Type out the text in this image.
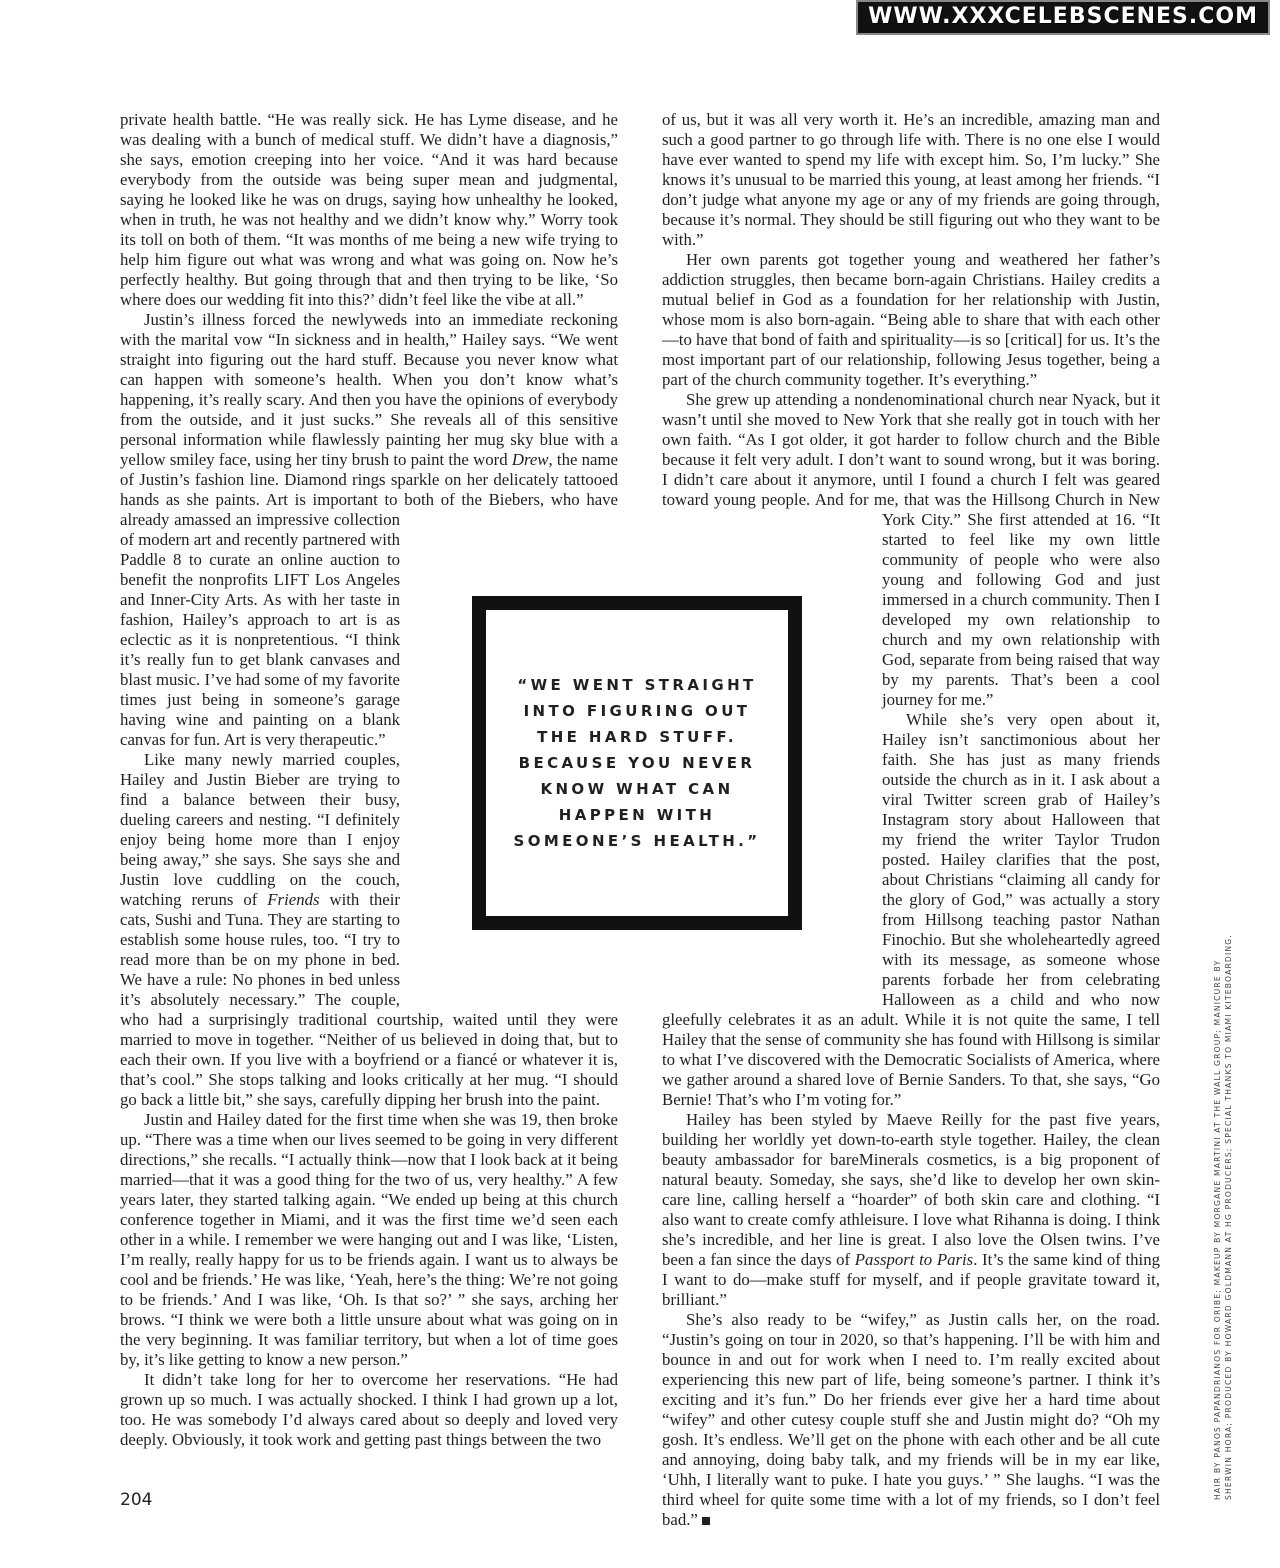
WWW.XXXCELEBSCENES.COM

private health battle. “He was really sick. He has Lyme disease, and he was dealing with a bunch of medical stuff. We didn’t have a diagnosis,” she says, emotion creeping into her voice. “And it was hard because everybody from the outside was being super mean and judgmental, saying he looked like he was on drugs, saying how unhealthy he looked, when in truth, he was not healthy and we didn’t know why.” Worry took its toll on both of them. “It was months of me being a new wife trying to help him figure out what was wrong and what was going on. Now he’s perfectly healthy. But going through that and then trying to be like, ‘So where does our wedding fit into this?’ didn’t feel like the vibe at all.”

Justin’s illness forced the newlyweds into an immediate reckoning with the marital vow “In sickness and in health,” Hailey says. “We went straight into figuring out the hard stuff. Because you never know what can happen with someone’s health. When you don’t know what’s happening, it’s really scary. And then you have the opinions of everybody from the outside, and it just sucks.” She reveals all of this sensitive personal information while flawlessly painting her mug sky blue with a yellow smiley face, using her tiny brush to paint the word Drew, the name of Justin’s fashion line. Diamond rings sparkle on her delicately tattooed hands as she paints. Art is important to both of the Biebers, who have already amassed an impressive collection of modern art and recently partnered with Paddle 8 to curate an online auction to benefit the nonprofits LIFT Los Angeles and Inner-City Arts. As with her taste in fashion, Hailey’s approach to art is as eclectic as it is nonpretentious. “I think it’s really fun to get blank canvases and blast music. I’ve had some of my favorite times just being in someone’s garage having wine and painting on a blank canvas for fun. Art is very therapeutic.”

Like many newly married couples, Hailey and Justin Bieber are trying to find a balance between their busy, dueling careers and nesting. “I definitely enjoy being home more than I enjoy being away,” she says. She says she and Justin love cuddling on the couch, watching reruns of Friends with their cats, Sushi and Tuna. They are starting to establish some house rules, too. “I try to read more than be on my phone in bed. We have a rule: No phones in bed unless it’s absolutely necessary.” The couple, who had a surprisingly traditional courtship, waited until they were married to move in together. “Neither of us believed in doing that, but to each their own. If you live with a boyfriend or a fiancé or whatever it is, that’s cool.” She stops talking and looks critically at her mug. “I should go back a little bit,” she says, carefully dipping her brush into the paint.

Justin and Hailey dated for the first time when she was 19, then broke up. “There was a time when our lives seemed to be going in very different directions,” she recalls. “I actually think—now that I look back at it being married—that it was a good thing for the two of us, very healthy.” A few years later, they started talking again. “We ended up being at this church conference together in Miami, and it was the first time we’d seen each other in a while. I remember we were hanging out and I was like, ‘Listen, I’m really, really happy for us to be friends again. I want us to always be cool and be friends.’ He was like, ‘Yeah, here’s the thing: We’re not going to be friends.’ And I was like, ‘Oh. Is that so?’ ” she says, arching her brows. “I think we were both a little unsure about what was going on in the very beginning. It was familiar territory, but when a lot of time goes by, it’s like getting to know a new person.”

It didn’t take long for her to overcome her reservations. “He had grown up so much. I was actually shocked. I think I had grown up a lot, too. He was somebody I’d always cared about so deeply and loved very deeply. Obviously, it took work and getting past things between the two

of us, but it was all very worth it. He’s an incredible, amazing man and such a good partner to go through life with. There is no one else I would have ever wanted to spend my life with except him. So, I’m lucky.” She knows it’s unusual to be married this young, at least among her friends. “I don’t judge what anyone my age or any of my friends are going through, because it’s normal. They should be still figuring out who they want to be with.”

Her own parents got together young and weathered her father’s addiction struggles, then became born-again Christians. Hailey credits a mutual belief in God as a foundation for her relationship with Justin, whose mom is also born-again. “Being able to share that with each other—to have that bond of faith and spirituality—is so [critical] for us. It’s the most important part of our relationship, following Jesus together, being a part of the church community together. It’s everything.”

She grew up attending a nondenominational church near Nyack, but it wasn’t until she moved to New York that she really got in touch with her own faith. “As I got older, it got harder to follow church and the Bible because it felt very adult. I don’t want to sound wrong, but it was boring. I didn’t care about it anymore, until I found a church I felt was geared toward young people. And for me, that was the Hillsong Church in New York City.” She first attended at 16. “It started to feel like my own little community of people who were also young and following God and just immersed in a church community. Then I developed my own relationship to church and my own relationship with God, separate from being raised that way by my parents. That’s been a cool journey for me.”

While she’s very open about it, Hailey isn’t sanctimonious about her faith. She has just as many friends outside the church as in it. I ask about a viral Twitter screen grab of Hailey’s Instagram story about Halloween that my friend the writer Taylor Trudon posted. Hailey clarifies that the post, about Christians “claiming all candy for the glory of God,” was actually a story from Hillsong teaching pastor Nathan Finochio. But she wholeheartedly agreed with its message, as someone whose parents forbade her from celebrating Halloween as a child and who now gleefully celebrates it as an adult. While it is not quite the same, I tell Hailey that the sense of community she has found with Hillsong is similar to what I’ve discovered with the Democratic Socialists of America, where we gather around a shared love of Bernie Sanders. To that, she says, “Go Bernie! That’s who I’m voting for.”

Hailey has been styled by Maeve Reilly for the past five years, building her worldly yet down-to-earth style together. Hailey, the clean beauty ambassador for bareMinerals cosmetics, is a big proponent of natural beauty. Someday, she says, she’d like to develop her own skin-care line, calling herself a “hoarder” of both skin care and clothing. “I also want to create comfy athleisure. I love what Rihanna is doing. I think she’s incredible, and her line is great. I also love the Olsen twins. I’ve been a fan since the days of Passport to Paris. It’s the same kind of thing I want to do—make stuff for myself, and if people gravitate toward it, brilliant.”

She’s also ready to be “wifey,” as Justin calls her, on the road. “Justin’s going on tour in 2020, so that’s happening. I’ll be with him and bounce in and out for work when I need to. I’m really excited about experiencing this new part of life, being someone’s partner. I think it’s exciting and it’s fun.” Do her friends ever give her a hard time about “wifey” and other cutesy couple stuff she and Justin might do? “Oh my gosh. It’s endless. We’ll get on the phone with each other and be all cute and annoying, doing baby talk, and my friends will be in my ear like, ‘Uhh, I literally want to puke. I hate you guys.’ ” She laughs. “I was the third wheel for quite some time with a lot of my friends, so I don’t feel bad.”

“WE WENT STRAIGHT INTO FIGURING OUT THE HARD STUFF. BECAUSE YOU NEVER KNOW WHAT CAN HAPPEN WITH SOMEONE’S HEALTH.”
204	HAIR BY PANOS PAPANDRIANOS FOR ORIBE; MAKEUP BY MORGANE MARTINI AT THE WALL GROUP; MANICURE BY SHERWIN HORA; PRODUCED BY HOWARD GOLDMANN AT HG PRODUCERS; SPECIAL THANKS TO MIAMI KITEBOARDING.
